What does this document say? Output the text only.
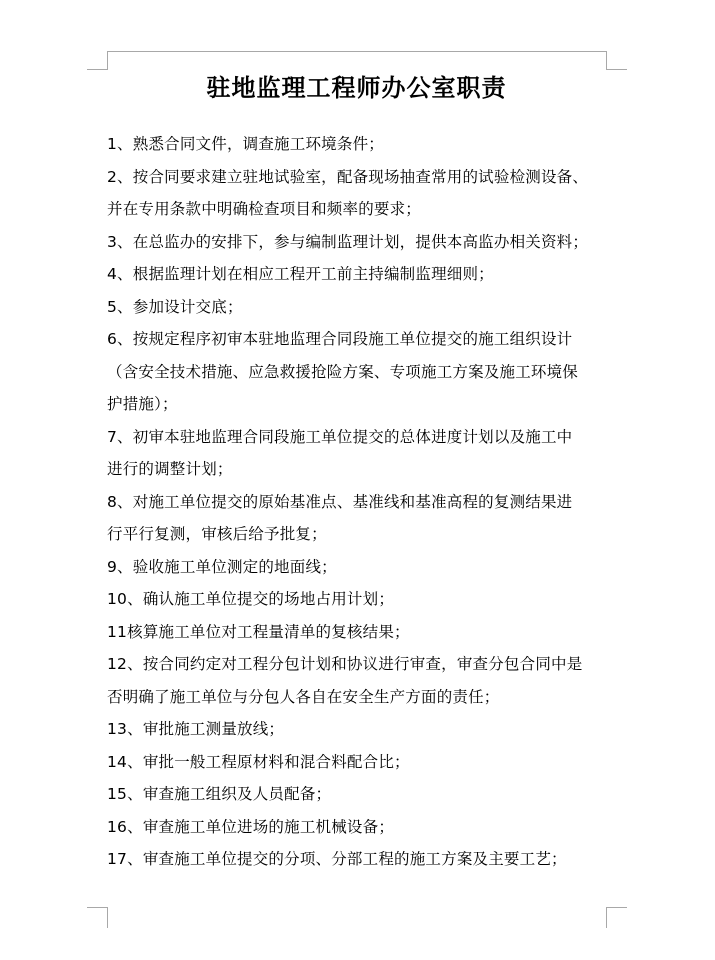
驻地监理工程师办公室职责
1、熟悉合同文件，调查施工环境条件；
2、按合同要求建立驻地试验室，配备现场抽查常用的试验检测设备、
并在专用条款中明确检查项目和频率的要求；
3、在总监办的安排下，参与编制监理计划，提供本高监办相关资料；
4、根据监理计划在相应工程开工前主持编制监理细则；
5、参加设计交底；
6、按规定程序初审本驻地监理合同段施工单位提交的施工组织设计
（含安全技术措施、应急救援抢险方案、专项施工方案及施工环境保
护措施）；
7、初审本驻地监理合同段施工单位提交的总体进度计划以及施工中
进行的调整计划；
8、对施工单位提交的原始基准点、基准线和基准高程的复测结果进
行平行复测，审核后给予批复；
9、验收施工单位测定的地面线；
10、确认施工单位提交的场地占用计划；
11核算施工单位对工程量清单的复核结果；
12、按合同约定对工程分包计划和协议进行审查，审查分包合同中是
否明确了施工单位与分包人各自在安全生产方面的责任；
13、审批施工测量放线；
14、审批一般工程原材料和混合料配合比；
15、审查施工组织及人员配备；
16、审查施工单位进场的施工机械设备；
17、审查施工单位提交的分项、分部工程的施工方案及主要工艺；
